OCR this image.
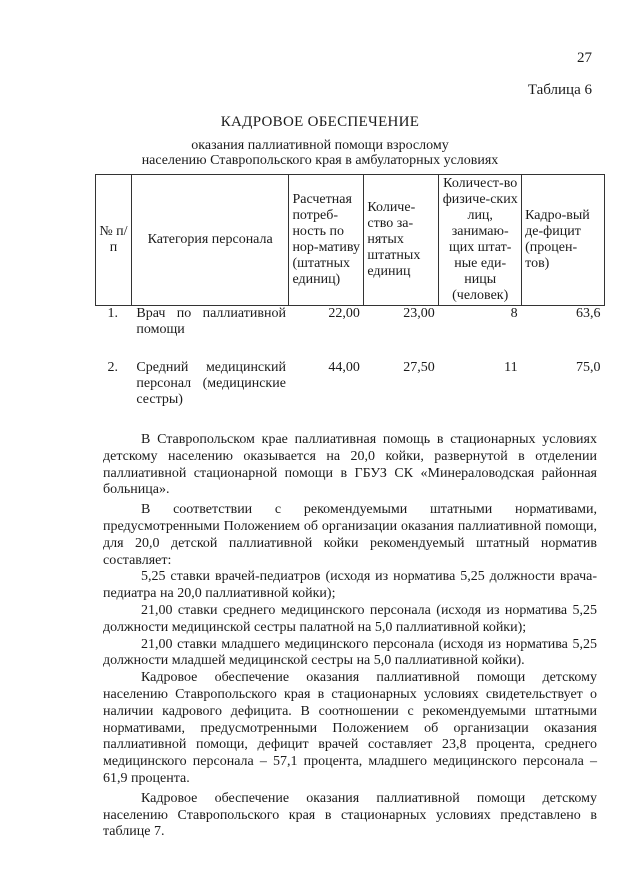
27
Таблица 6
КАДРОВОЕ ОБЕСПЕЧЕНИЕ
оказания паллиативной помощи взрослому
населению Ставропольского края в амбулаторных условиях
№ п/п	Категория персонала	Расчетная потреб-ность по нор-мативу (штатных единиц)	Количе-ство за-нятых штатных единиц	Количест-во физиче-ских лиц, занимаю-щих штат-ные еди-ницы (человек)	Кадро-вый де-фицит (процен-тов)
1.	Врач по паллиативной помощи	22,00	23,00	8	63,6
2.	Средний медицинский персонал (медицинские сестры)	44,00	27,50	11	75,0

В Ставропольском крае паллиативная помощь в стационарных условиях детскому населению оказывается на 20,0 койки, развернутой в отделении паллиативной стационарной помощи в ГБУЗ СК «Минераловодская районная больница».

В соответствии с рекомендуемыми штатными нормативами, предусмотренными Положением об организации оказания паллиативной помощи, для 20,0 детской паллиативной койки рекомендуемый штатный норматив составляет:

5,25 ставки врачей-педиатров (исходя из норматива 5,25 должности врача-педиатра на 20,0 паллиативной койки);

21,00 ставки среднего медицинского персонала (исходя из норматива 5,25 должности медицинской сестры палатной на 5,0 паллиативной койки);

21,00 ставки младшего медицинского персонала (исходя из норматива 5,25 должности младшей медицинской сестры на 5,0 паллиативной койки).

Кадровое обеспечение оказания паллиативной помощи детскому населению Ставропольского края в стационарных условиях свидетельствует о наличии кадрового дефицита. В соотношении с рекомендуемыми штатными нормативами, предусмотренными Положением об организации оказания паллиативной помощи, дефицит врачей составляет 23,8 процента, среднего медицинского персонала – 57,1 процента, младшего медицинского персонала – 61,9 процента.

Кадровое обеспечение оказания паллиативной помощи детскому населению Ставропольского края в стационарных условиях представлено в таблице 7.
